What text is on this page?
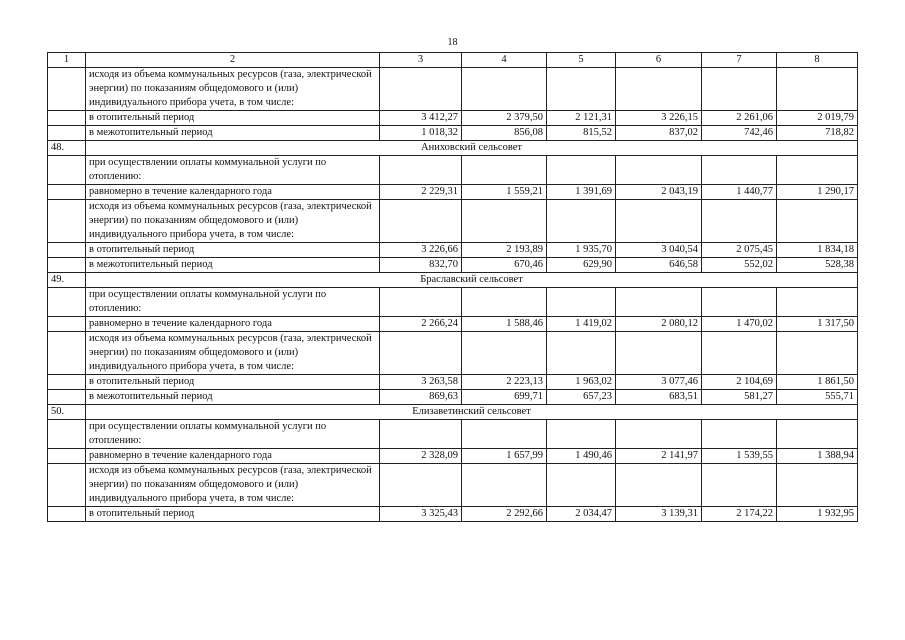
18
1	2	3	4	5	6	7	8
	исходя из объема коммунальных ресурсов (газа, электрической энергии) по показаниям общедомового и (или) индивидуального прибора учета, в том числе:						
	в отопительный период	3 412,27	2 379,50	2 121,31	3 226,15	2 261,06	2 019,79
	в межотопительный период	1 018,32	856,08	815,52	837,02	742,46	718,82
48.	Аниховский сельсовет						
	при осуществлении оплаты коммунальной услуги по отоплению:						
	равномерно в течение календарного года	2 229,31	1 559,21	1 391,69	2 043,19	1 440,77	1 290,17
	исходя из объема коммунальных ресурсов (газа, электрической энергии) по показаниям общедомового и (или) индивидуального прибора учета, в том числе:						
	в отопительный период	3 226,66	2 193,89	1 935,70	3 040,54	2 075,45	1 834,18
	в межотопительный период	832,70	670,46	629,90	646,58	552,02	528,38
49.	Браславский сельсовет						
	при осуществлении оплаты коммунальной услуги по отоплению:						
	равномерно в течение календарного года	2 266,24	1 588,46	1 419,02	2 080,12	1 470,02	1 317,50
	исходя из объема коммунальных ресурсов (газа, электрической энергии) по показаниям общедомового и (или) индивидуального прибора учета, в том числе:						
	в отопительный период	3 263,58	2 223,13	1 963,02	3 077,46	2 104,69	1 861,50
	в межотопительный период	869,63	699,71	657,23	683,51	581,27	555,71
50.	Елизаветинский сельсовет						
	при осуществлении оплаты коммунальной услуги по отоплению:						
	равномерно в течение календарного года	2 328,09	1 657,99	1 490,46	2 141,97	1 539,55	1 388,94
	исходя из объема коммунальных ресурсов (газа, электрической энергии) по показаниям общедомового и (или) индивидуального прибора учета, в том числе:						
	в отопительный период	3 325,43	2 292,66	2 034,47	3 139,31	2 174,22	1 932,95
